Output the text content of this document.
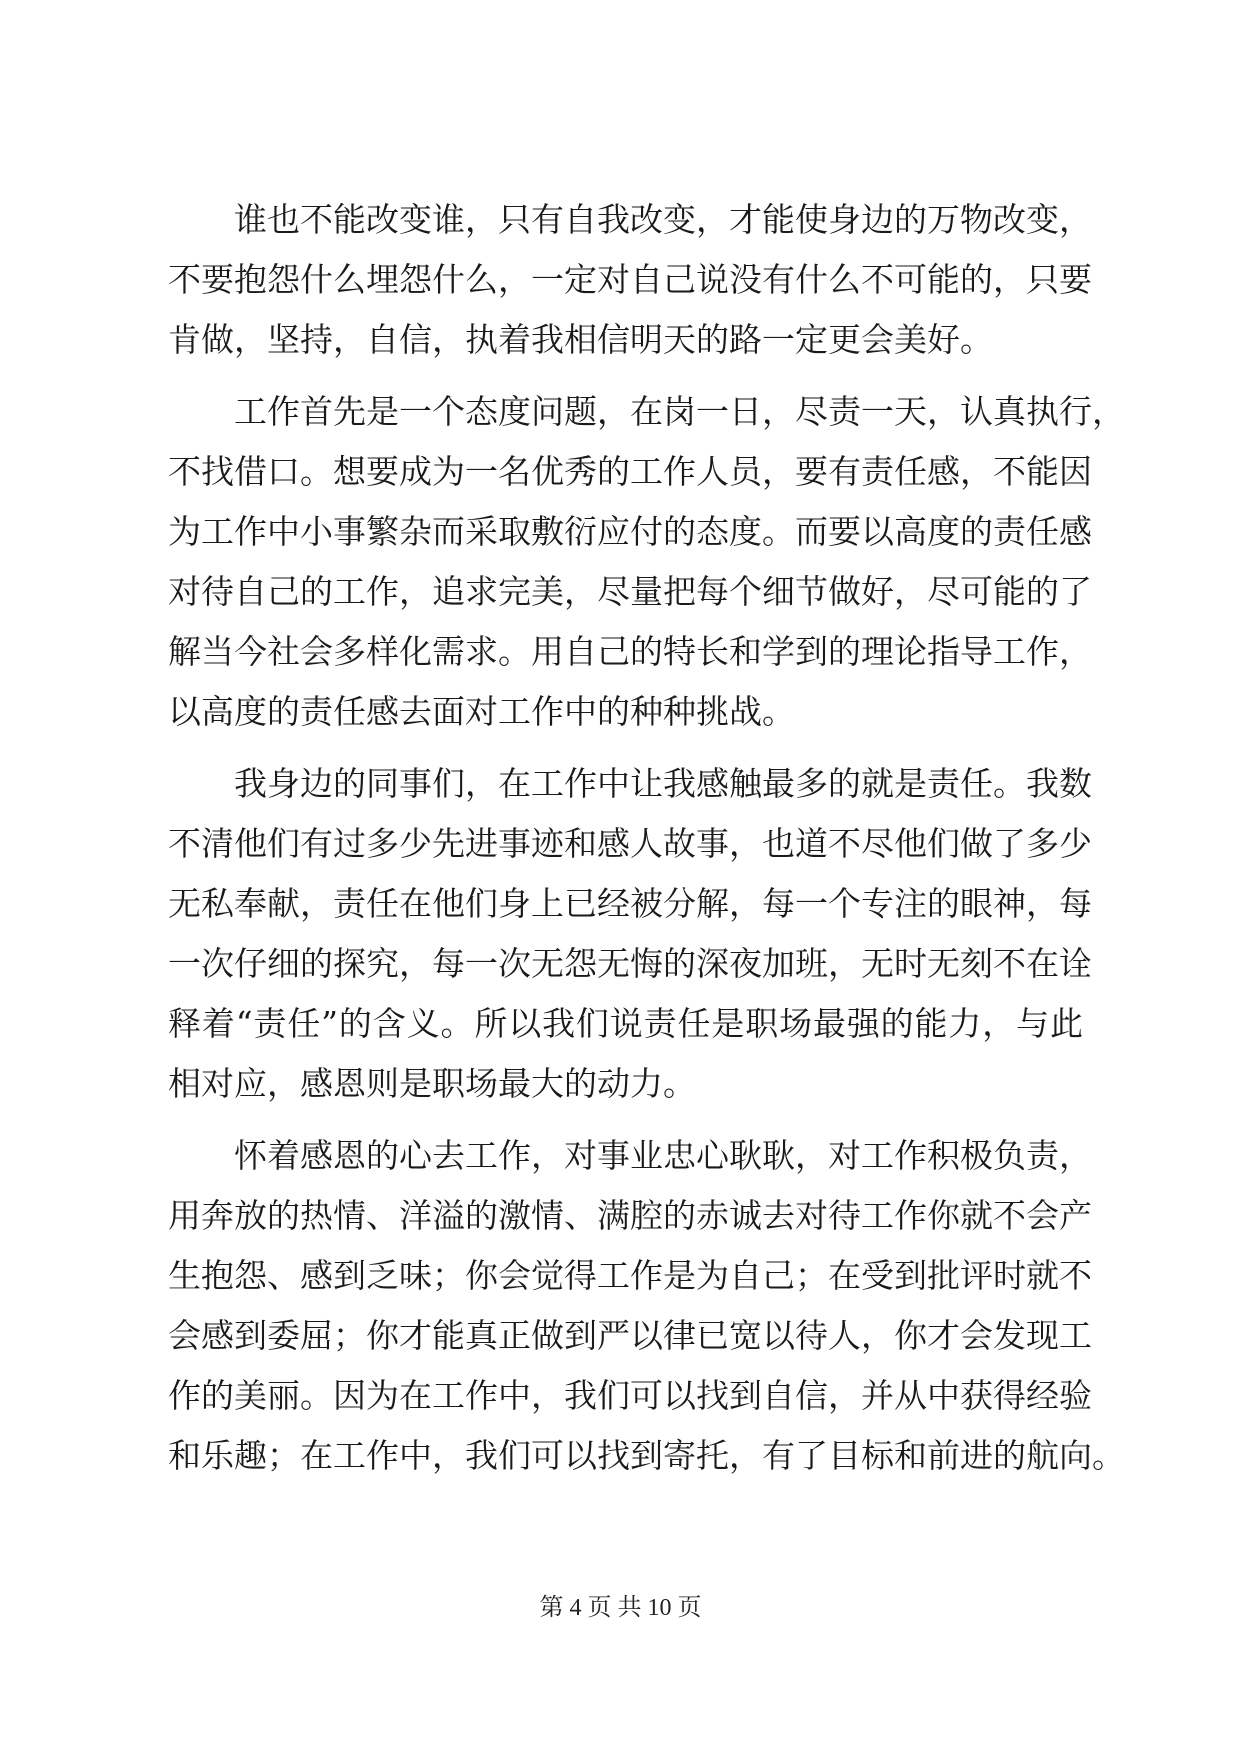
谁也不能改变谁，只有自我改变，才能使身边的万物改变，
不要抱怨什么埋怨什么，一定对自己说没有什么不可能的，只要
肯做，坚持，自信，执着我相信明天的路一定更会美好。
工作首先是一个态度问题，在岗一日，尽责一天，认真执行，
不找借口。想要成为一名优秀的工作人员，要有责任感，不能因
为工作中小事繁杂而采取敷衍应付的态度。而要以高度的责任感
对待自己的工作，追求完美，尽量把每个细节做好，尽可能的了
解当今社会多样化需求。用自己的特长和学到的理论指导工作，
以高度的责任感去面对工作中的种种挑战。
我身边的同事们，在工作中让我感触最多的就是责任。我数
不清他们有过多少先进事迹和感人故事，也道不尽他们做了多少
无私奉献，责任在他们身上已经被分解，每一个专注的眼神，每
一次仔细的探究，每一次无怨无悔的深夜加班，无时无刻不在诠
释着“责任”的含义。所以我们说责任是职场最强的能力，与此
相对应，感恩则是职场最大的动力。
怀着感恩的心去工作，对事业忠心耿耿，对工作积极负责，
用奔放的热情、洋溢的激情、满腔的赤诚去对待工作你就不会产
生抱怨、感到乏味；你会觉得工作是为自己；在受到批评时就不
会感到委屈；你才能真正做到严以律已宽以待人，你才会发现工
作的美丽。因为在工作中，我们可以找到自信，并从中获得经验
和乐趣；在工作中，我们可以找到寄托，有了目标和前进的航向。
第 4 页 共 10 页
